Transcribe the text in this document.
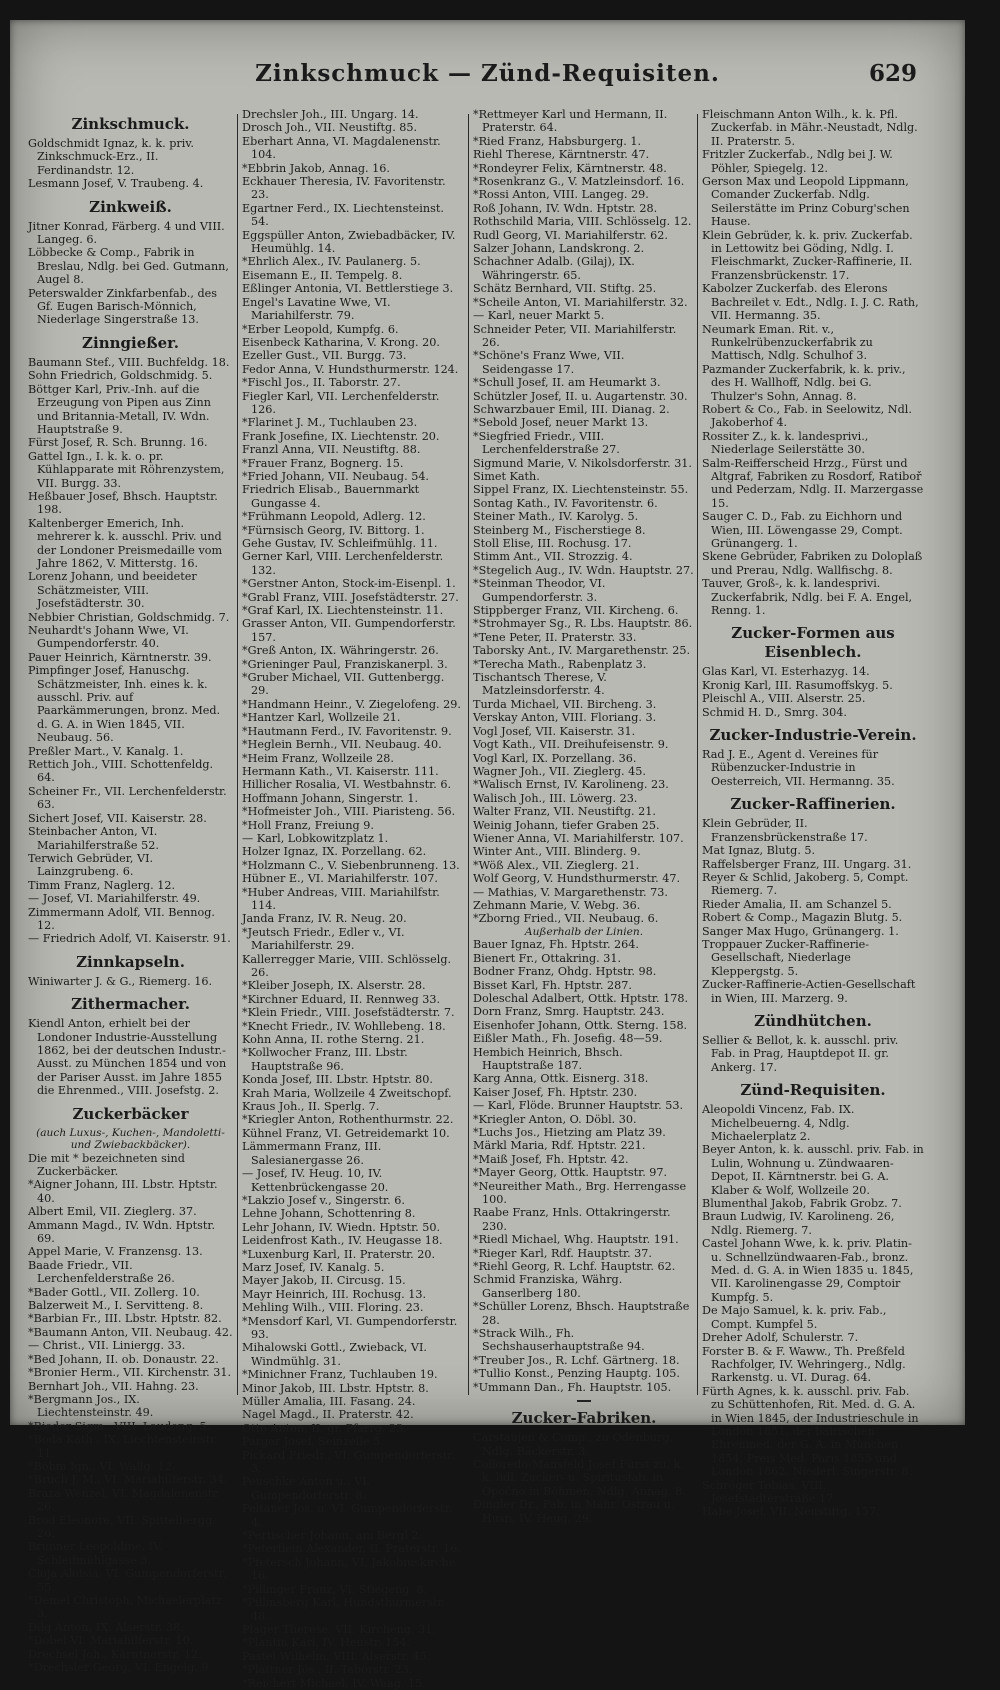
Zinkschmuck — Zünd-Requisiten.	629
Zinkschmuck.
Goldschmidt Ignaz, k. k. priv. Zinkschmuck-Erz., II. Ferdinandstr. 12.
Lesmann Josef, V. Traubeng. 4.
Zinkweiß.
Jitner Konrad, Färberg. 4 und VIII. Langeg. 6.
Löbbecke & Comp., Fabrik in Breslau, Ndlg. bei Ged. Gutmann, Augel 8.
Peterswalder Zinkfarbenfab., des Gf. Eugen Barisch-Mönnich, Niederlage Singerstraße 13.
Zinngießer.
Baumann Stef., VIII. Buchfeldg. 18.
Sohn Friedrich, Goldschmidg. 5.
Böttger Karl, Priv.-Inh. auf die Erzeugung von Pipen aus Zinn und Britannia-Metall, IV. Wdn. Hauptstraße 9.
Fürst Josef, R. Sch. Brunng. 16.
Gattel Ign., I. k. k. o. pr. Kühlapparate mit Röhrenzystem, VII. Burgg. 33.
Heßbauer Josef, Bhsch. Hauptstr. 198.
Kaltenberger Emerich, Inh. mehrerer k. k. ausschl. Priv. und der Londoner Preismedaille vom Jahre 1862, V. Mitterstg. 16.
Lorenz Johann, und beeideter Schätzmeister, VIII. Josefstädterstr. 30.
Nebbier Christian, Goldschmidg. 7.
Neuhardt's Johann Wwe, VI. Gumpendorferstr. 40.
Pauer Heinrich, Kärntnerstr. 39.
Pimpfinger Josef, Hanuschg. Schätzmeister, Inh. eines k. k. ausschl. Priv. auf Paarkämmerungen, bronz. Med. d. G. A. in Wien 1845, VII. Neubaug. 56.
Preßler Mart., V. Kanalg. 1.
Rettich Joh., VIII. Schottenfeldg. 64.
Scheiner Fr., VII. Lerchenfelderstr. 63.
Sichert Josef, VII. Kaiserstr. 28.
Steinbacher Anton, VI. Mariahilferstraße 52.
Terwich Gebrüder, VI. Lainzgrubeng. 6.
Timm Franz, Naglerg. 12.
— Josef, VI. Mariahilferstr. 49.
Zimmermann Adolf, VII. Bennog. 12.
— Friedrich Adolf, VI. Kaiserstr. 91.
Zinnkapseln.
Winiwarter J. & G., Riemerg. 16.
Zithermacher.
Kiendl Anton, erhielt bei der Londoner Industrie-Ausstellung 1862, bei der deutschen Industr.-Ausst. zu München 1854 und von der Pariser Ausst. im Jahre 1855 die Ehrenmed., VIII. Josefstg. 2.
Zuckerbäcker
(auch Luxus-, Kuchen-, Mandoletti- und Zwiebackbäcker).
Die mit * bezeichneten sind Zuckerbäcker.
*Aigner Johann, III. Lbstr. Hptstr. 40.
Albert Emil, VII. Zieglerg. 37.
Ammann Magd., IV. Wdn. Hptstr. 69.
Appel Marie, V. Franzensg. 13.
Baade Friedr., VII. Lerchenfelderstraße 26.
*Bader Gottl., VII. Zollerg. 10.
Balzerweit M., I. Servitteng. 8.
*Barbian Fr., III. Lbstr. Hptstr. 82.
*Baumann Anton, VII. Neubaug. 42.
— Christ., VII. Liniergg. 33.
*Bed Johann, II. ob. Donaustr. 22.
*Bronier Herm., VII. Kirchenstr. 31.
Bernhart Joh., VII. Hahng. 23.
*Bergmann Jos., IX. Liechtensteinstr. 49.
*Bieder Sigm., VIII. Laudong. 5.
*Boda Kath., IX. Liechtensteinstr. 11.
*Böhm Ign., VI. Wallg. 12.
*Bruch J. M., VI. Mariahilferstr. 34.
Braza Wenzel, VI. Magdalenenstr. 26.
Brod Eleonore, VII. Spittelbergg. 26.
Brunner Leopoldine, IV. Schleifmühlgasse 3.
Cloja Aloisia, VI. Gumpendorferstr. 55.
*Demel Christoph, Michaelerplatz 3.
Dilg Anton, IX. Alserstr. 38.
*Dobel VI. Mariahilferstr. 10.
Drechsel Joh., Kärntnerstr. 12.
*Drechsler Georg, VI. Engelg. 9.
Drechsler Joh., III. Ungarg. 14.
Drosch Joh., VII. Neustiftg. 85.
Eberhart Anna, VI. Magdalenenstr. 104.
*Ebbrin Jakob, Annag. 16.
Eckhauer Theresia, IV. Favoritenstr. 23.
Egartner Ferd., IX. Liechtensteinst. 54.
Eggspüller Anton, Zwiebadbäcker, IV. Heumühlg. 14.
*Ehrlich Alex., IV. Paulanerg. 5.
Eisemann E., II. Tempelg. 8.
Eßlinger Antonia, VI. Bettlerstiege 3.
Engel's Lavatine Wwe, VI. Mariahilferstr. 79.
*Erber Leopold, Kumpfg. 6.
Eisenbeck Katharina, V. Krong. 20.
Ezeller Gust., VII. Burgg. 73.
Fedor Anna, V. Hundsthurmerstr. 124.
*Fischl Jos., II. Taborstr. 27.
Fiegler Karl, VII. Lerchenfelderstr. 126.
*Flarinet J. M., Tuchlauben 23.
Frank Josefine, IX. Liechtenstr. 20.
Franzl Anna, VII. Neustiftg. 88.
*Frauer Franz, Bognerg. 15.
*Fried Johann, VII. Neubaug. 54.
Friedrich Elisab., Bauernmarkt Gungasse 4.
*Frühmann Leopold, Adlerg. 12.
*Fürnsisch Georg, IV. Bittorg. 1.
Gehe Gustav, IV. Schleifmühlg. 11.
Gerner Karl, VIII. Lerchenfelderstr. 132.
*Gerstner Anton, Stock-im-Eisenpl. 1.
*Grabl Franz, VIII. Josefstädterstr. 27.
*Graf Karl, IX. Liechtensteinstr. 11.
Grasser Anton, VII. Gumpendorferstr. 157.
*Greß Anton, IX. Währingerstr. 26.
*Grieninger Paul, Franziskanerpl. 3.
*Gruber Michael, VII. Guttenbergg. 29.
*Handmann Heinr., V. Ziegelofeng. 29.
*Hantzer Karl, Wollzeile 21.
*Hautmann Ferd., IV. Favoritenstr. 9.
*Heglein Bernh., VII. Neubaug. 40.
*Heim Franz, Wollzeile 28.
Hermann Kath., VI. Kaiserstr. 111.
Hillicher Rosalia, VI. Westbahnstr. 6.
Hoffmann Johann, Singerstr. 1.
*Hofmeister Joh., VIII. Piaristeng. 56.
*Holl Franz, Freiung 9.
— Karl, Lobkowitzplatz 1.
Holzer Ignaz, IX. Porzellang. 62.
*Holzmann C., V. Siebenbrunneng. 13.
Hübner E., VI. Mariahilferstr. 107.
*Huber Andreas, VIII. Mariahilfstr. 114.
Janda Franz, IV. R. Neug. 20.
*Jeutsch Friedr., Edler v., VI. Mariahilferstr. 29.
Kallerregger Marie, VIII. Schlösselg. 26.
*Kleiber Joseph, IX. Alserstr. 28.
*Kirchner Eduard, II. Rennweg 33.
*Klein Friedr., VIII. Josefstädterstr. 7.
*Knecht Friedr., IV. Wohllebeng. 18.
Kohn Anna, II. rothe Sterng. 21.
*Kollwocher Franz, III. Lbstr. Hauptstraße 96.
Konda Josef, III. Lbstr. Hptstr. 80.
Krah Maria, Wollzeile 4 Zweitschopf.
Kraus Joh., II. Sperlg. 7.
*Kriegler Anton, Rothenthurmstr. 22.
Kühnel Franz, VI. Getreidemarkt 10.
Lämmermann Franz, III. Salesianergasse 26.
— Josef, IV. Heug. 10, IV. Kettenbrückengasse 20.
*Lakzio Josef v., Singerstr. 6.
Lehne Johann, Schottenring 8.
Lehr Johann, IV. Wiedn. Hptstr. 50.
Leidenfrost Kath., IV. Heugasse 18.
*Luxenburg Karl, II. Praterstr. 20.
Marz Josef, IV. Kanalg. 5.
Mayer Jakob, II. Circusg. 15.
Mayr Heinrich, III. Rochusg. 13.
Mehling Wilh., VIII. Floring. 23.
*Mensdorf Karl, VI. Gumpendorferstr. 93.
Mihalowski Gottl., Zwieback, VI. Windmühlg. 31.
*Minichner Franz, Tuchlauben 19.
Minor Jakob, III. Lbstr. Hptstr. 8.
Müller Amalia, III. Fasang. 24.
Nagel Magd., II. Praterstr. 42.
Otto Anton, II. gr. Pfarrg. 23.
Parger Josef, Seinzeile 5.
Pickard Friedr., VI. Gumpendorferstr. 3.
Peuschke Anton u., VI. Gumpendorferstr. 8.
Peltaner Jos. u. VI. Gumpendorferstr. 4.
*Pertischer Johann, am Bergl 2.
*Peterflein Alexander, II. Praterstr. 16.
*Pfetersch Johann, VI. Jakobiuskirche 16.
*Pillinger Franz, VI. Stiegeng. 8.
*Pillinsberg Karl, Hundsthurmerstr. 48.
Plager Therese, VII. Kircheng. 31.
*Plantin Karl, IV. Heustr. 154.
Pastel Wilhelm, VIII. Alserstr. 45.
*Plattner Jos., II. Taborstr. 23.
*Reichert Michael, IV. Waag. 15.
*Rettmeyer Karl und Hermann, II. Praterstr. 64.
*Ried Franz, Habsburgerg. 1.
Riehl Therese, Kärntnerstr. 47.
*Rondeyrer Felix, Kärntnerstr. 48.
*Rosenkranz G., V. Matzleinsdorf. 16.
*Rossi Anton, VIII. Langeg. 29.
Roß Johann, IV. Wdn. Hptstr. 28.
Rothschild Maria, VIII. Schlösselg. 12.
Rudl Georg, VI. Mariahilferstr. 62.
Salzer Johann, Landskrong. 2.
Schachner Adalb. (Gilaj), IX. Währingerstr. 65.
Schätz Bernhard, VII. Stiftg. 25.
*Scheile Anton, VI. Mariahilferstr. 32.
— Karl, neuer Markt 5.
Schneider Peter, VII. Mariahilferstr. 26.
*Schöne's Franz Wwe, VII. Seidengasse 17.
*Schull Josef, II. am Heumarkt 3.
Schützler Josef, II. u. Augartenstr. 30.
Schwarzbauer Emil, III. Dianag. 2.
*Sebold Josef, neuer Markt 13.
*Siegfried Friedr., VIII. Lerchenfelderstraße 27.
Sigmund Marie, V. Nikolsdorferstr. 31.
Simet Kath.
Sippel Franz, IX. Liechtensteinstr. 55.
Sontag Kath., IV. Favoritenstr. 6.
Steiner Math., IV. Karolyg. 5.
Steinberg M., Fischerstiege 8.
Stoll Elise, III. Rochusg. 17.
Stimm Ant., VII. Strozzig. 4.
*Stegelich Aug., IV. Wdn. Hauptstr. 27.
*Steinman Theodor, VI. Gumpendorferstr. 3.
Stippberger Franz, VII. Kircheng. 6.
*Strohmayer Sg., R. Lbs. Hauptstr. 86.
*Tene Peter, II. Praterstr. 33.
Taborsky Ant., IV. Margarethenstr. 25.
*Terecha Math., Rabenplatz 3.
Tischantsch Therese, V. Matzleinsdorferstr. 4.
Turda Michael, VII. Bircheng. 3.
Verskay Anton, VIII. Floriang. 3.
Vogl Josef, VII. Kaiserstr. 31.
Vogt Kath., VII. Dreihufeisenstr. 9.
Vogl Karl, IX. Porzellang. 36.
Wagner Joh., VII. Zieglerg. 45.
*Walisch Ernst, IV. Karolineng. 23.
Walisch Joh., III. Löwerg. 23.
Walter Franz, VII. Neustiftg. 21.
Weinig Johann, tiefer Graben 25.
Wiener Anna, VI. Mariahilferstr. 107.
Winter Ant., VIII. Blinderg. 9.
*Wöß Alex., VII. Zieglerg. 21.
Wolf Georg, V. Hundsthurmerstr. 47.
— Mathias, V. Margarethenstr. 73.
Zehmann Marie, V. Webg. 36.
*Zborng Fried., VII. Neubaug. 6.
Außerhalb der Linien.
Bauer Ignaz, Fh. Hptstr. 264.
Bienert Fr., Ottakring. 31.
Bodner Franz, Ohdg. Hptstr. 98.
Bisset Karl, Fh. Hptstr. 287.
Doleschal Adalbert, Ottk. Hptstr. 178.
Dorn Franz, Smrg. Hauptstr. 243.
Eisenhofer Johann, Ottk. Sterng. 158.
Eißler Math., Fh. Josefig. 48—59.
Hembich Heinrich, Bhsch. Hauptstraße 187.
Karg Anna, Ottk. Eisnerg. 318.
Kaiser Josef, Fh. Hptstr. 230.
— Karl, Flöde. Brunner Hauptstr. 53.
*Kriegler Anton, O. Döbl. 30.
*Luchs Jos., Hietzing am Platz 39.
Märkl Maria, Rdf. Hptstr. 221.
*Maiß Josef, Fh. Hptstr. 42.
*Mayer Georg, Ottk. Hauptstr. 97.
*Neureither Math., Brg. Herrengasse 100.
Raabe Franz, Hnls. Ottakringerstr. 230.
*Riedl Michael, Whg. Hauptstr. 191.
*Rieger Karl, Rdf. Hauptstr. 37.
*Riehl Georg, R. Lchf. Hauptstr. 62.
Schmid Franziska, Währg. Ganserlberg 180.
*Schüller Lorenz, Bhsch. Hauptstraße 28.
*Strack Wilh., Fh. Sechshauserhauptstraße 94.
*Treuber Jos., R. Lchf. Gärtnerg. 18.
*Tullio Konst., Penzing Hauptg. 105.
*Ummann Dan., Fh. Hauptstr. 105.
Zucker-Fabriken.
Carstaujen & Comp., zu Odenburg, Ndlg. Bäckerstr. 3.
Colloredo-Mansfeld Josef Fürst zu, k. k. lidl. Zucker- u. Spiritusfab. in Opočno in Böhmen, Ndlg. Annag. 8.
Dingler Dr., Fab. in Mähr. Ostrau u. Husn, IV. Heug. 29.
Fleischmann Anton Wilh., k. k. Pfl. Zuckerfab. in Mähr.-Neustadt, Ndlg. II. Praterstr. 5.
Fritzler Zuckerfab., Ndlg bei J. W. Pöhler, Spiegelg. 12.
Gerson Max und Leopold Lippmann, Comander Zuckerfab. Ndlg. Seilerstätte im Prinz Coburg'schen Hause.
Klein Gebrüder, k. k. priv. Zuckerfab. in Lettowitz bei Göding, Ndlg. I. Fleischmarkt, Zucker-Raffinerie, II. Franzensbrückenstr. 17.
Kabolzer Zuckerfab. des Elerons Bachreilet v. Edt., Ndlg. I. J. C. Rath, VII. Hermanng. 35.
Neumark Eman. Rit. v., Runkelrübenzuckerfabrik zu Mattisch, Ndlg. Schulhof 3.
Pazmander Zuckerfabrik, k. k. priv., des H. Wallhoff, Ndlg. bei G. Thulzer's Sohn, Annag. 8.
Robert & Co., Fab. in Seelowitz, Ndl. Jakoberhof 4.
Rossiter Z., k. k. landesprivi., Niederlage Seilerstätte 30.
Salm-Reifferscheid Hrzg., Fürst und Altgraf, Fabriken zu Rosdorf, Ratiboř und Pederzam, Ndlg. II. Marzergasse 15.
Sauger C. D., Fab. zu Eichhorn und Wien, III. Löwengasse 29, Compt. Grünangerg. 1.
Skene Gebrüder, Fabriken zu Doloplaß und Prerau, Ndlg. Wallfischg. 8.
Tauver, Groß-, k. k. landesprivi. Zuckerfabrik, Ndlg. bei F. A. Engel, Renng. 1.
Zucker-Formen aus Eisenblech.
Glas Karl, VI. Esterhazyg. 14.
Kronig Karl, III. Rasumoffskyg. 5.
Pleischl A., VIII. Alserstr. 25.
Schmid H. D., Smrg. 304.
Zucker-Industrie-Verein.
Rad J. E., Agent d. Vereines für Rübenzucker-Industrie in Oesterreich, VII. Hermanng. 35.
Zucker-Raffinerien.
Klein Gebrüder, II. Franzensbrückenstraße 17.
Mat Ignaz, Blutg. 5.
Raffelsberger Franz, III. Ungarg. 31.
Reyer & Schlid, Jakoberg. 5, Compt. Riemerg. 7.
Rieder Amalia, II. am Schanzel 5.
Robert & Comp., Magazin Blutg. 5.
Sanger Max Hugo, Grünangerg. 1.
Troppauer Zucker-Raffinerie-Gesellschaft, Niederlage Kleppergstg. 5.
Zucker-Raffinerie-Actien-Gesellschaft in Wien, III. Marzerg. 9.
Zündhütchen.
Sellier & Bellot, k. k. ausschl. priv. Fab. in Prag, Hauptdepot II. gr. Ankerg. 17.
Zünd-Requisiten.
Aleopoldi Vincenz, Fab. IX. Michelbeuerng. 4, Ndlg. Michaelerplatz 2.
Beyer Anton, k. k. ausschl. priv. Fab. in Lulin, Wohnung u. Zündwaaren-Depot, II. Kärntnerstr. bei G. A. Klaber & Wolf, Wollzeile 20.
Blumenthal Jakob, Fabrik Grobz. 7.
Braun Ludwig, IV. Karolineng. 26, Ndlg. Riemerg. 7.
Castel Johann Wwe, k. k. priv. Platin- u. Schnellzündwaaren-Fab., bronz. Med. d. G. A. in Wien 1835 u. 1845, VII. Karolinengasse 29, Comptoir Kumpfg. 5.
De Majo Samuel, k. k. priv. Fab., Compt. Kumpfel 5.
Dreher Adolf, Schulerstr. 7.
Forster B. & F. Waww., Th. Preßfeld Rachfolger, IV. Wehringerg., Ndlg. Rarkenstg. u. VI. Durag. 64.
Fürth Agnes, k. k. ausschl. priv. Fab. zu Schüttenhofen, Rit. Med. d. G. A. in Wien 1845, der Industrieschule in London 1851, der bairischen Ehrenmed. der G. A. in München 1854, Preis Med. Paris 1855 und London 1862, Niederl. Singerstr. 8.
Schröger Tobias, VIII. Josefstädterstraße 17.
Habe Josef, VII. Neustiftg. 157.
